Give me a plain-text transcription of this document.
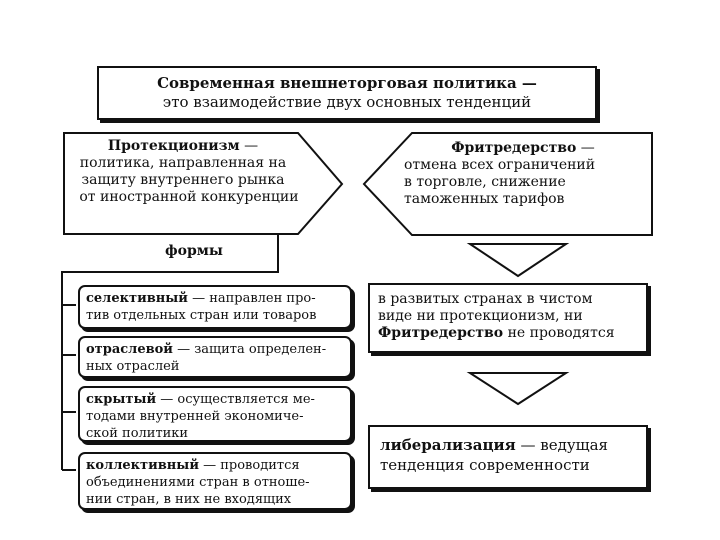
Современная внешнеторговая политика —
это взаимодействие двух основных тенденций
Протекционизм —
политика, направленная на
защиту внутреннего рынка
от иностранной конкуренции
Фритредерство —
отмена всех ограничений
в торговле, снижение
таможенных тарифов
формы
селективный — направлен про-
тив отдельных стран или товаров
отраслевой — защита определен-
ных отраслей
скрытый — осуществляется ме-
тодами внутренней экономиче-
ской политики
коллективный — проводится
объединениями стран в отноше-
нии стран, в них не входящих
в развитых странах в чистом
виде ни протекционизм, ни
Фритредерство не проводятся
либерализация — ведущая
тенденция современности
